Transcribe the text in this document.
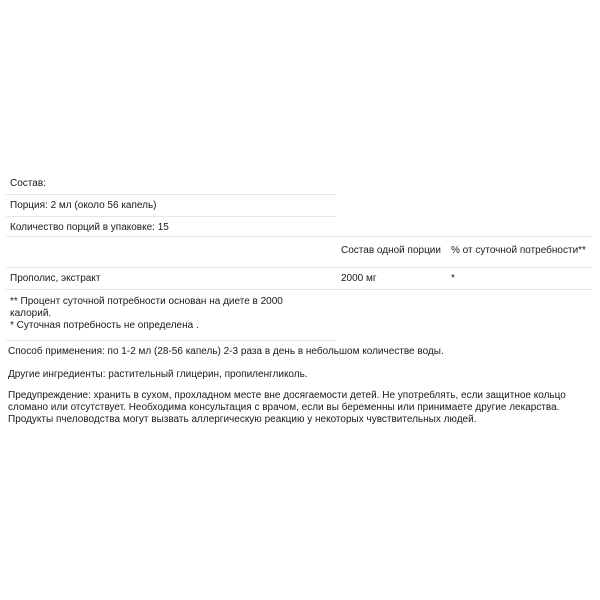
Состав:
Порция: 2 мл (около 56 капель)
Количество порций в упаковке: 15
Состав одной порции % от суточной потребности**
Прополис, экстракт	2000 мг	*
** Процент суточной потребности основан на диете в 2000 калорий.
* Суточная потребность не определена .
Способ применения: по 1-2 мл (28-56 капель) 2-3 раза в день в небольшом количестве воды.
Другие ингредиенты: растительный глицерин, пропиленгликоль.
Предупреждение: хранить в сухом, прохладном месте вне досягаемости детей. Не употреблять, если защитное кольцо сломано или отсутствует. Необходима консультация с врачом, если вы беременны или принимаете другие лекарства. Продукты пчеловодства могут вызвать аллергическую реакцию у некоторых чувствительных людей.
